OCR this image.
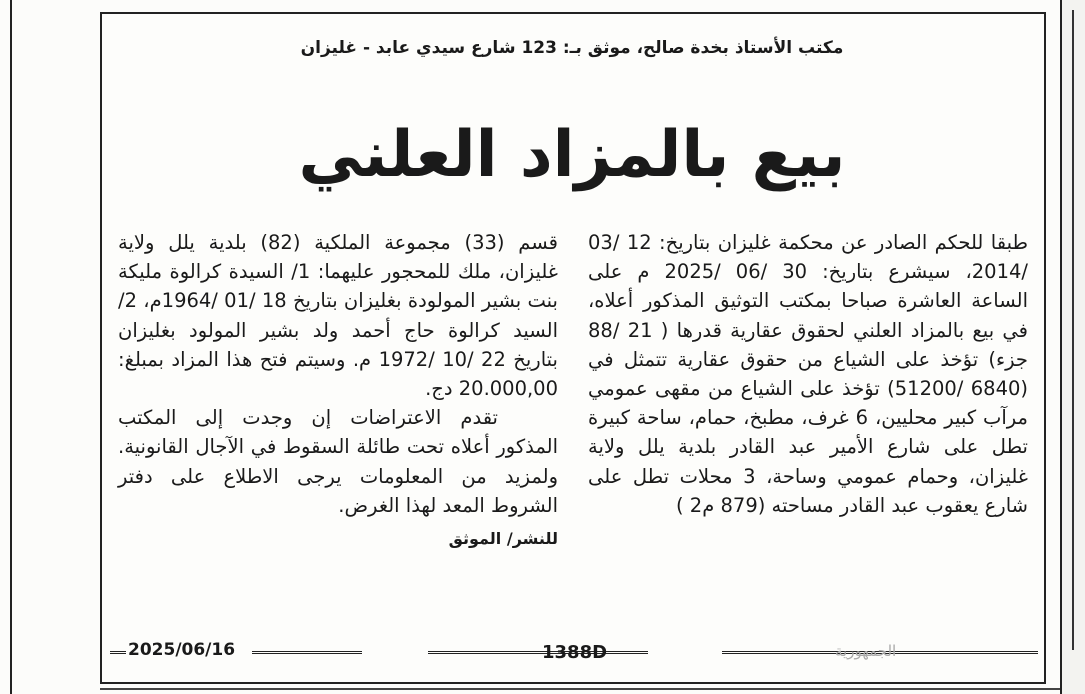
مكتب الأستاذ بخدة صالح، موثق بـ: 123 شارع سيدي عابد - غليزان
بيع بالمزاد العلني

طبقا للحكم الصادر عن محكمة غليزان بتاريخ: 12 /03 /2014، سيشرع بتاريخ: 30 /06 /2025 م على الساعة العاشرة صباحا بمكتب التوثيق المذكور أعلاه، في بيع بالمزاد العلني لحقوق عقارية قدرها ( 21 /88 جزء) تؤخذ على الشياع من حقوق عقارية تتمثل في (6840 /51200) تؤخذ على الشياع من مقهى عمومي مرآب كبير محليين، 6 غرف، مطبخ، حمام، ساحة كبيرة تطل على شارع الأمير عبد القادر بلدية يلل ولاية غليزان، وحمام عمومي وساحة، 3 محلات تطل على شارع يعقوب عبد القادر مساحته (879 م2 )

قسم (33) مجموعة الملكية (82) بلدية يلل ولاية غليزان، ملك للمحجور عليهما: 1/ السيدة كرالوة مليكة بنت بشير المولودة بغليزان بتاريخ 18 /01 /1964م، 2/ السيد كرالوة حاج أحمد ولد بشير المولود بغليزان بتاريخ 22 /10 /1972 م. وسيتم فتح هذا المزاد بمبلغ: 20.000,00 دج.

تقدم الاعتراضات إن وجدت إلى المكتب المذكور أعلاه تحت طائلة السقوط في الآجال القانونية. ولمزيد من المعلومات يرجى الاطلاع على دفتر الشروط المعد لهذا الغرض.

للنشر/ الموثق
2025/06/16	1388D	الجمهورية
